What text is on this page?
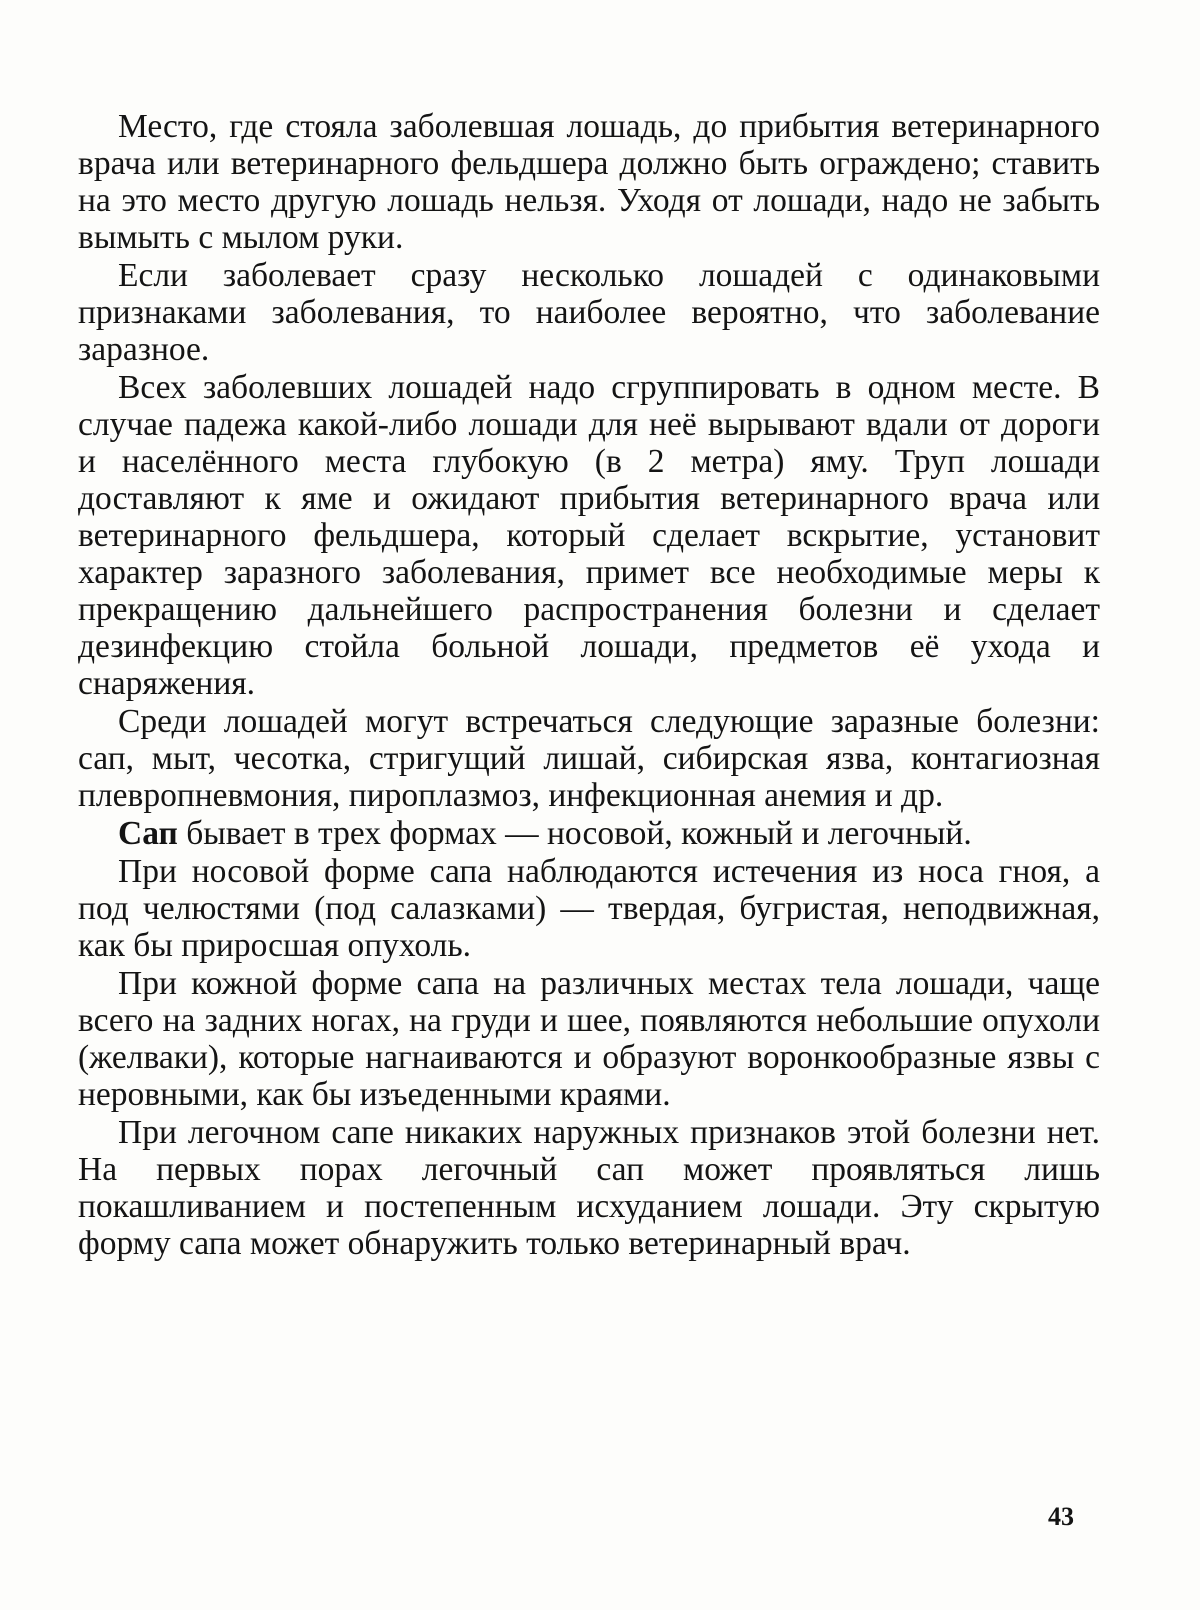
Место, где стояла заболевшая лошадь, до прибытия ветеринарного врача или ветеринарного фельдшера должно быть ограждено; ставить на это место другую лошадь нельзя. Уходя от лошади, надо не забыть вымыть с мылом руки.

Если заболевает сразу несколько лошадей с одинаковыми признаками заболевания, то наиболее вероятно, что заболевание заразное.

Всех заболевших лошадей надо сгруппировать в одном месте. В случае падежа какой-либо лошади для неё вырывают вдали от дороги и населённого места глубокую (в 2 метра) яму. Труп лошади доставляют к яме и ожидают прибытия ветеринарного врача или ветеринарного фельдшера, который сделает вскрытие, установит характер заразного заболевания, примет все необходимые меры к прекращению дальнейшего распространения болезни и сделает дезинфекцию стойла больной лошади, предметов её ухода и снаряжения.

Среди лошадей могут встречаться следующие заразные болезни: сап, мыт, чесотка, стригущий лишай, сибирская язва, контагиозная плевропневмония, пироплазмоз, инфекционная анемия и др.

Сап бывает в трех формах — носовой, кожный и легочный.

При носовой форме сапа наблюдаются истечения из носа гноя, а под челюстями (под салазками) — твердая, бугристая, неподвижная, как бы приросшая опухоль.

При кожной форме сапа на различных местах тела лошади, чаще всего на задних ногах, на груди и шее, появляются небольшие опухоли (желваки), которые нагнаиваются и образуют воронкообразные язвы с неровными, как бы изъеденными краями.

При легочном сапе никаких наружных признаков этой болезни нет. На первых порах легочный сап может проявляться лишь покашливанием и постепенным исхуданием лошади. Эту скрытую форму сапа может обнаружить только ветеринарный врач.

43
